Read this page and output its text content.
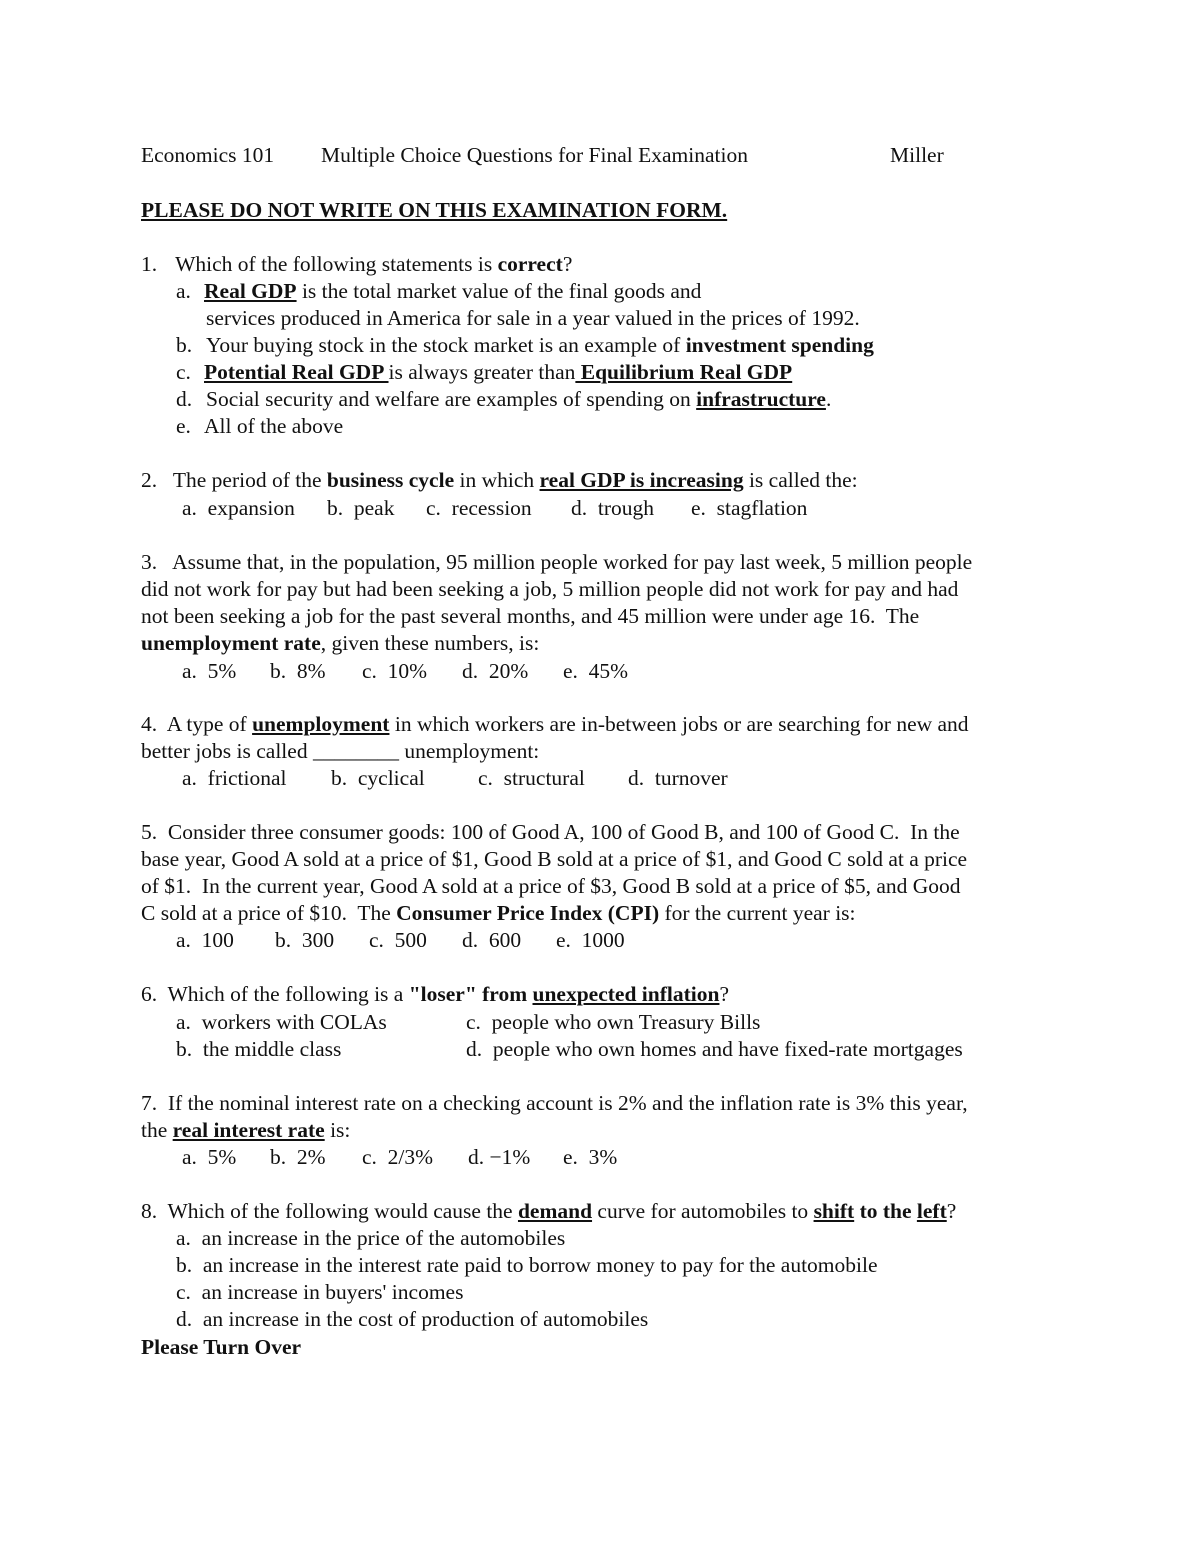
Economics 101 Multiple Choice Questions for Final Examination	Miller
PLEASE DO NOT WRITE ON THIS EXAMINATION FORM.
1. Which of the following statements is correct?
a. Real GDP is the total market value of the final goods and
services produced in America for sale in a year valued in the prices of 1992.
b. Your buying stock in the stock market is an example of investment spending
c. Potential Real GDP is always greater than Equilibrium Real GDP
d. Social security and welfare are examples of spending on infrastructure.
e. All of the above
2.   The period of the business cycle in which real GDP is increasing is called the:
a.  expansion b.  peak c.  recession d.  trough e.  stagflation
3.   Assume that, in the population, 95 million people worked for pay last week, 5 million people
did not work for pay but had been seeking a job, 5 million people did not work for pay and had
not been seeking a job for the past several months, and 45 million were under age 16.  The
unemployment rate, given these numbers, is:
a.  5% b.  8% c.  10% d.  20% e.  45%
4.  A type of unemployment in which workers are in-between jobs or are searching for new and
better jobs is called ________ unemployment:
a.  frictional b.  cyclical c.  structural d.  turnover
5.  Consider three consumer goods: 100 of Good A, 100 of Good B, and 100 of Good C.  In the
base year, Good A sold at a price of $1, Good B sold at a price of $1, and Good C sold at a price
of $1.  In the current year, Good A sold at a price of $3, Good B sold at a price of $5, and Good
C sold at a price of $10.  The Consumer Price Index (CPI) for the current year is:
a.  100 b.  300 c.  500 d.  600 e.  1000
6.  Which of the following is a "loser" from unexpected inflation?
a.  workers with COLAs	c.  people who own Treasury Bills
b.  the middle class	d.  people who own homes and have fixed-rate mortgages
7.  If the nominal interest rate on a checking account is 2% and the inflation rate is 3% this year,
the real interest rate is:
a.  5% b.  2% c.  2/3% d. −1% e.  3%
8.  Which of the following would cause the demand curve for automobiles to shift to the left?
a.  an increase in the price of the automobiles
b.  an increase in the interest rate paid to borrow money to pay for the automobile
c.  an increase in buyers' incomes
d.  an increase in the cost of production of automobiles
Please Turn Over
